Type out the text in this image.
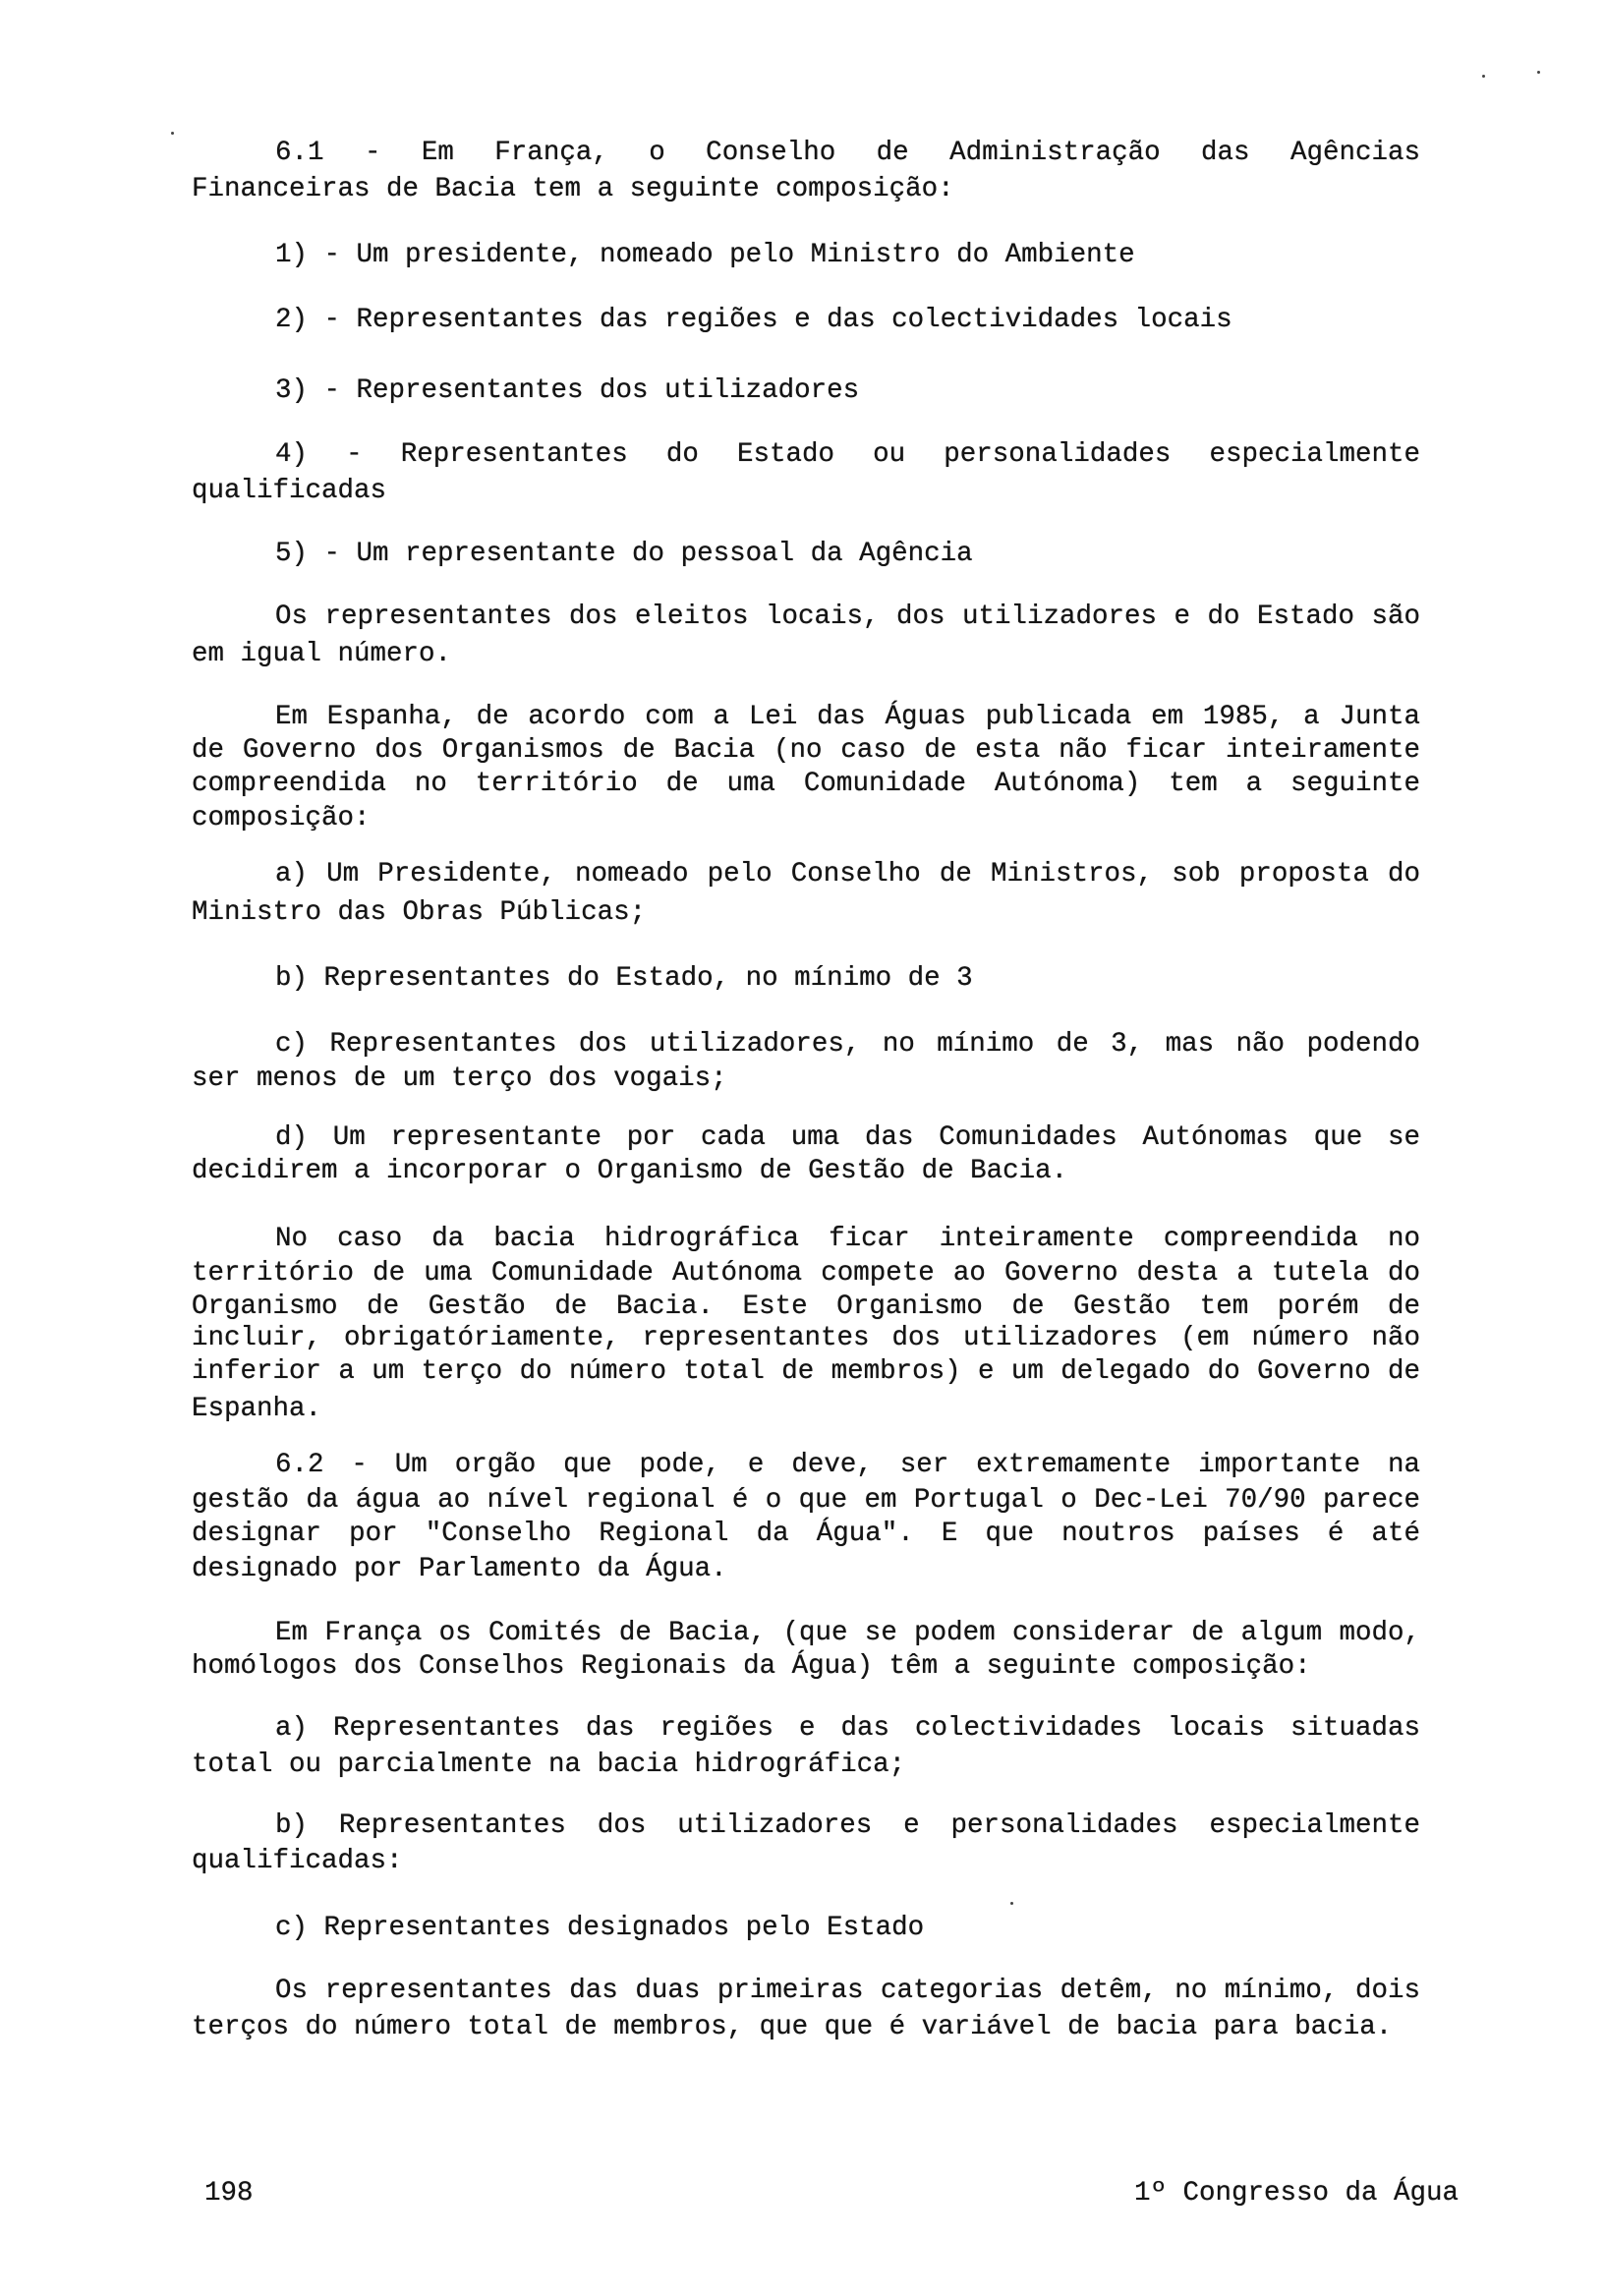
6.1 - Em França, o Conselho de Administração das Agências
Financeiras de Bacia tem a seguinte composição:
1) - Um presidente, nomeado pelo Ministro do Ambiente
2) - Representantes das regiões e das colectividades locais
3) - Representantes dos utilizadores
4) - Representantes do Estado ou personalidades especialmente
qualificadas
5) - Um representante do pessoal da Agência
Os representantes dos eleitos locais, dos utilizadores e do Estado são
em igual número.
Em Espanha, de acordo com a Lei das Águas publicada em 1985, a Junta
de Governo dos Organismos de Bacia (no caso de esta não ficar inteiramente
compreendida no território de uma Comunidade Autónoma) tem a seguinte
composição:
a) Um Presidente, nomeado pelo Conselho de Ministros, sob proposta do
Ministro das Obras Públicas;
b) Representantes do Estado, no mínimo de 3
c) Representantes dos utilizadores, no mínimo de 3, mas não podendo
ser menos de um terço dos vogais;
d) Um representante por cada uma das Comunidades Autónomas que se
decidirem a incorporar o Organismo de Gestão de Bacia.
No caso da bacia hidrográfica ficar inteiramente compreendida no
território de uma Comunidade Autónoma compete ao Governo desta a tutela do
Organismo de Gestão de Bacia. Este Organismo de Gestão tem porém de
incluir, obrigatóriamente, representantes dos utilizadores (em número não
inferior a um terço do número total de membros) e um delegado do Governo de
Espanha.
6.2 - Um orgão que pode, e deve, ser extremamente importante na
gestão da água ao nível regional é o que em Portugal o Dec-Lei 70/90 parece
designar por "Conselho Regional da Água". E que noutros países é até
designado por Parlamento da Água.
Em França os Comités de Bacia, (que se podem considerar de algum modo,
homólogos dos Conselhos Regionais da Água) têm a seguinte composição:
a) Representantes das regiões e das colectividades locais situadas
total ou parcialmente na bacia hidrográfica;
b) Representantes dos utilizadores e personalidades especialmente
qualificadas:
c) Representantes designados pelo Estado
Os representantes das duas primeiras categorias detêm, no mínimo, dois
terços do número total de membros, que que é variável de bacia para bacia.
198	1º Congresso da Água
